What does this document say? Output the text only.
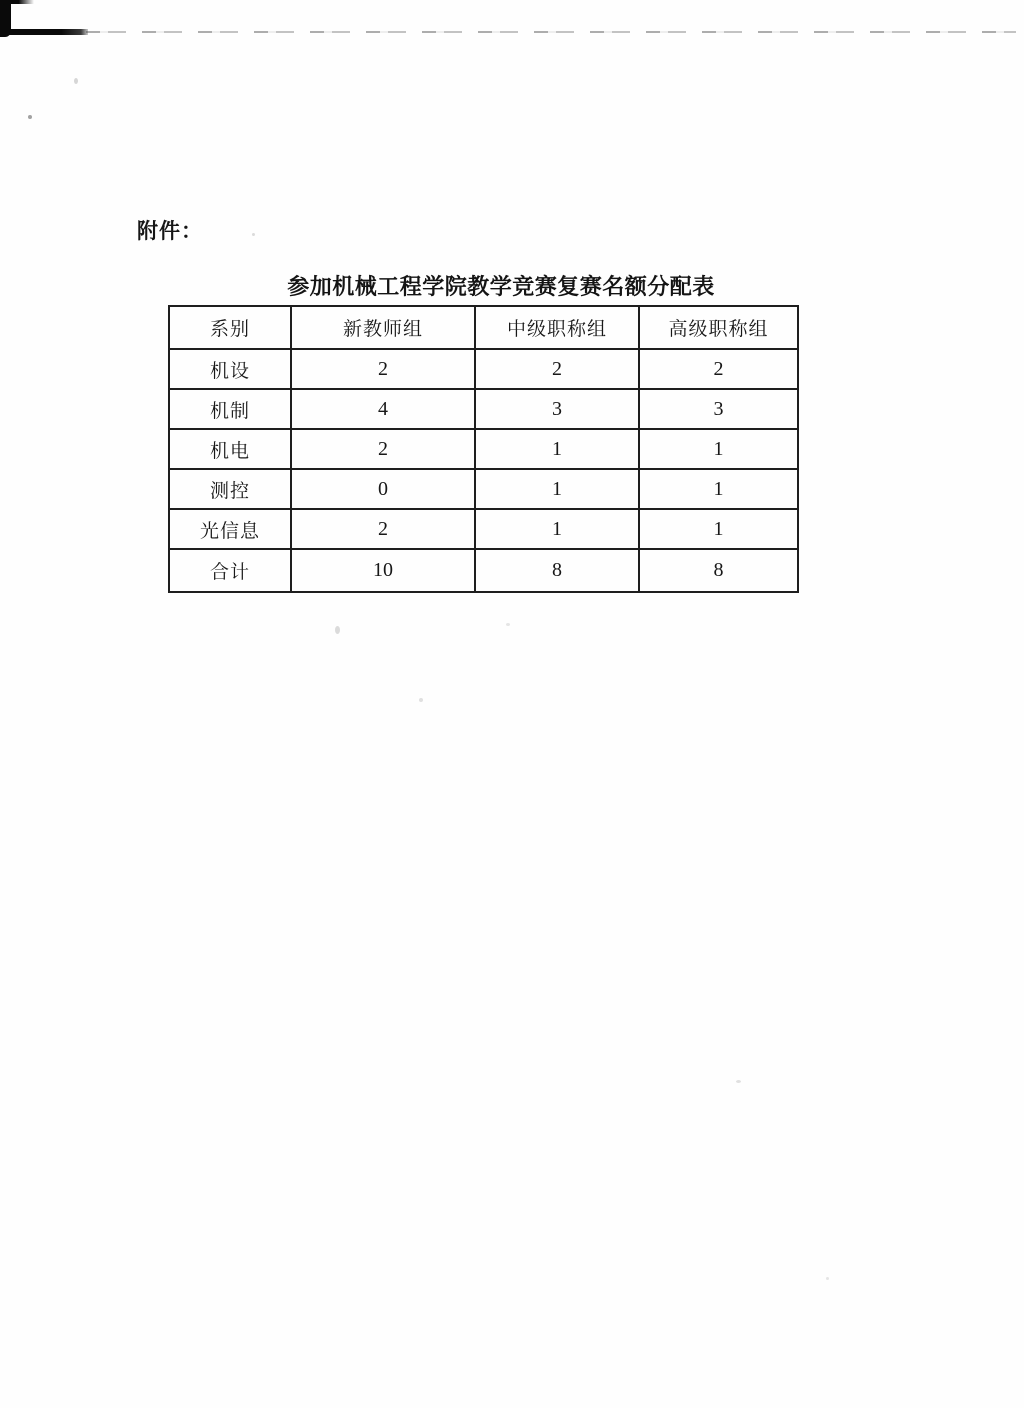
附件：
参加机械工程学院教学竞赛复赛名额分配表
系别	新教师组	中级职称组	高级职称组
机设	2	2	2
机制	4	3	3
机电	2	1	1
测控	0	1	1
光信息	2	1	1
合计	10	8	8
